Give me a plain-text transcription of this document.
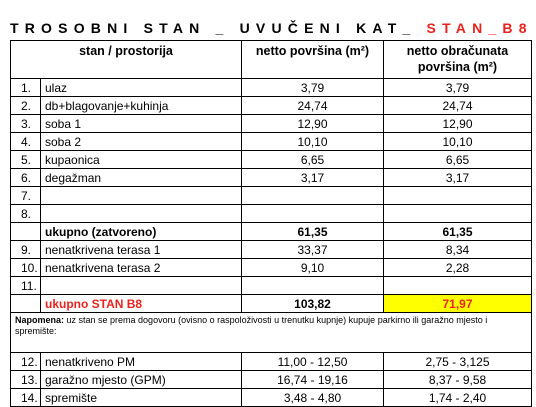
TROSOBNI STAN _ UVUČENI KAT_ STAN_B8
stan / prostorija		netto površina (m²)	netto obračunata površina (m²)
1.	ulaz	3,79	3,79
2.	db+blagovanje+kuhinja	24,74	24,74
3.	soba 1	12,90	12,90
4.	soba 2	10,10	10,10
5.	kupaonica	6,65	6,65
6.	degažman	3,17	3,17
7.			
8.			
	ukupno (zatvoreno)	61,35	61,35
9.	nenatkrivena terasa 1	33,37	8,34
10.	nenatkrivena terasa 2	9,10	2,28
11.			
	ukupno STAN B8	103,82	71,97
Napomena: uz stan se prema dogovoru (ovisno o raspoloživosti u trenutku kupnje) kupuje parkirno ili garažno mjesto i spremište:			
12.	nenatkriveno PM	11,00 - 12,50	2,75 - 3,125
13.	garažno mjesto (GPM)	16,74 - 19,16	8,37 - 9,58
14.	spremište	3,48 - 4,80	1,74 - 2,40
